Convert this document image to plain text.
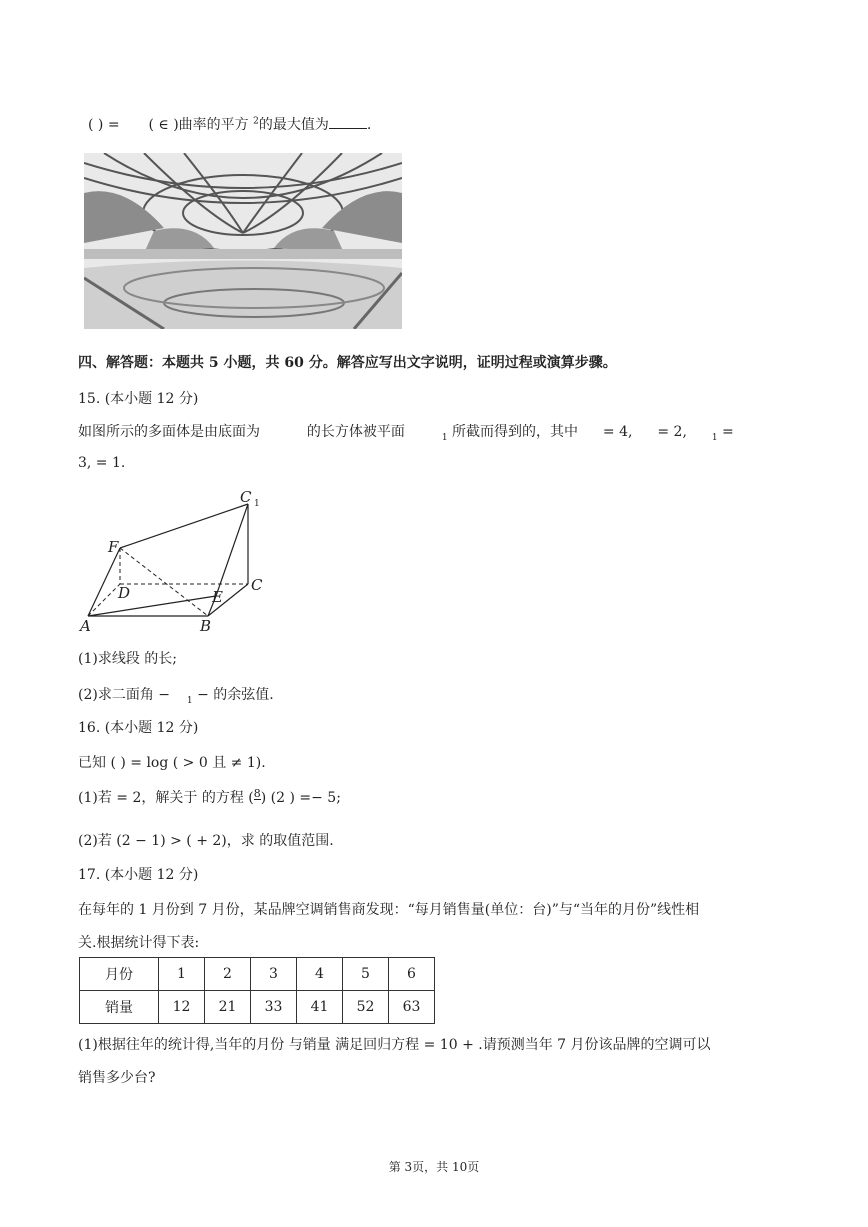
( ) = ( ∈ )曲率的平方 $^2$的最大值为	.
四、解答题：本题共 5 小题，共 60 分。解答应写出文字说明，证明过程或演算步骤。
15. (本小题 12 分)
如图所示的多面体是由底面为	的长方体被平面	$_1$ 所截而得到的，其中 = 4, = 2,	$_1$ =
3, = 1.
C 1
F
D	C
E
A	B
(1)求线段 的长;
(2)求二面角 − $_1$ − 的余弦值.
16. (本小题 12 分)
已知 ( ) = log ( > 0 且 ≠ 1).
(1)若 = 2，解关于 的方程 ( 8 ) (2 ) =− 5;
(2)若 (2 − 1) > ( + 2)，求 的取值范围.
17. (本小题 12 分)
在每年的 1 月份到 7 月份，某品牌空调销售商发现：“每月销售量(单位：台)”与“当年的月份”线性相
关.根据统计得下表:
月份	1	2	3	4	5	6
销量	12	21	33	41	52	63
(1)根据往年的统计得,当年的月份 与销量 满足回归方程 = 10 + .请预测当年 7 月份该品牌的空调可以
销售多少台?
第 3页，共 10页
